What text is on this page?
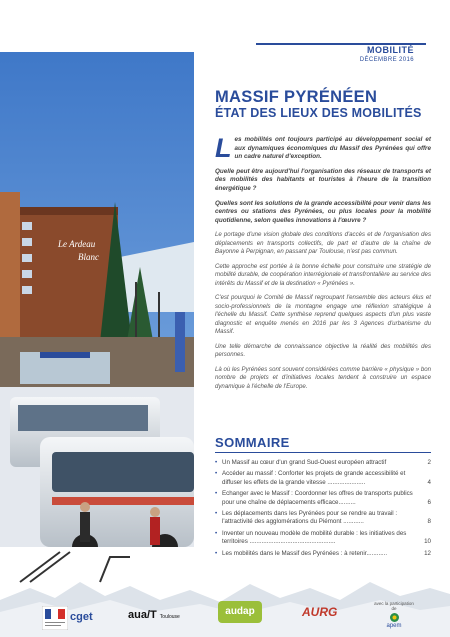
MOBILITÉ
DÉCEMBRE 2016
Le Ardeau
Blanc
MASSIF PYRÉNÉEN
ÉTAT DES LIEUX DES MOBILITÉS
L es mobilités ont toujours participé au développement social et aux dynamiques économiques du Massif des Pyrénées qui offre un cadre naturel d'exception.

Quelle peut être aujourd'hui l'organisation des réseaux de transports et des mobilités des habitants et touristes à l'heure de la transition énergétique ?

Quelles sont les solutions de la grande accessibilité pour venir dans les centres ou stations des Pyrénées, ou plus locales pour la mobilité quotidienne, selon quelles innovations à l'œuvre ?

Le portage d'une vision globale des conditions d'accès et de l'organisation des déplacements en transports collectifs, de part et d'autre de la chaîne de Bayonne à Perpignan, en passant par Toulouse, n'est pas commun.

Cette approche est portée à la bonne échelle pour construire une stratégie de mobilité durable, de coopération interrégionale et transfrontalière au service des intérêts du Massif et de la destination « Pyrénées ».

C'est pourquoi le Comité de Massif regroupant l'ensemble des acteurs élus et socio-professionnels de la montagne engage une réflexion stratégique à l'échelle du Massif. Cette synthèse reprend quelques aspects d'un plus vaste diagnostic et enquête menés en 2016 par les 3 Agences d'urbanisme du Massif.

Une telle démarche de connaissance objective la réalité des mobilités des personnes.

Là où les Pyrénées sont souvent considérées comme barrière « physique » bon nombre de projets et d'initiatives locales tendent à construire un espace dynamique à l'échelle de l'Europe.

SOMMAIRE
• Un Massif au cœur d'un grand Sud-Ouest européen attractif	2
• Accéder au massif : Conforter les projets de grande accessibilité et diffuser les effets de la grande vitesse ......................	4
• Echanger avec le Massif : Coordonner les offres de transports publics pour une chaîne de déplacements efficace..........	6
• Les déplacements dans les Pyrénées pour se rendre au travail : l'attractivité des agglomérations du Piémont ............	8
• Inventer un nouveau modèle de mobilité durable : les initiatives des territoires ..................................................	10
• Les mobilités dans le Massif des Pyrénées : à retenir............	12
cget	aua/T Toulouse	audap	AURG
avec la participation de
apem
